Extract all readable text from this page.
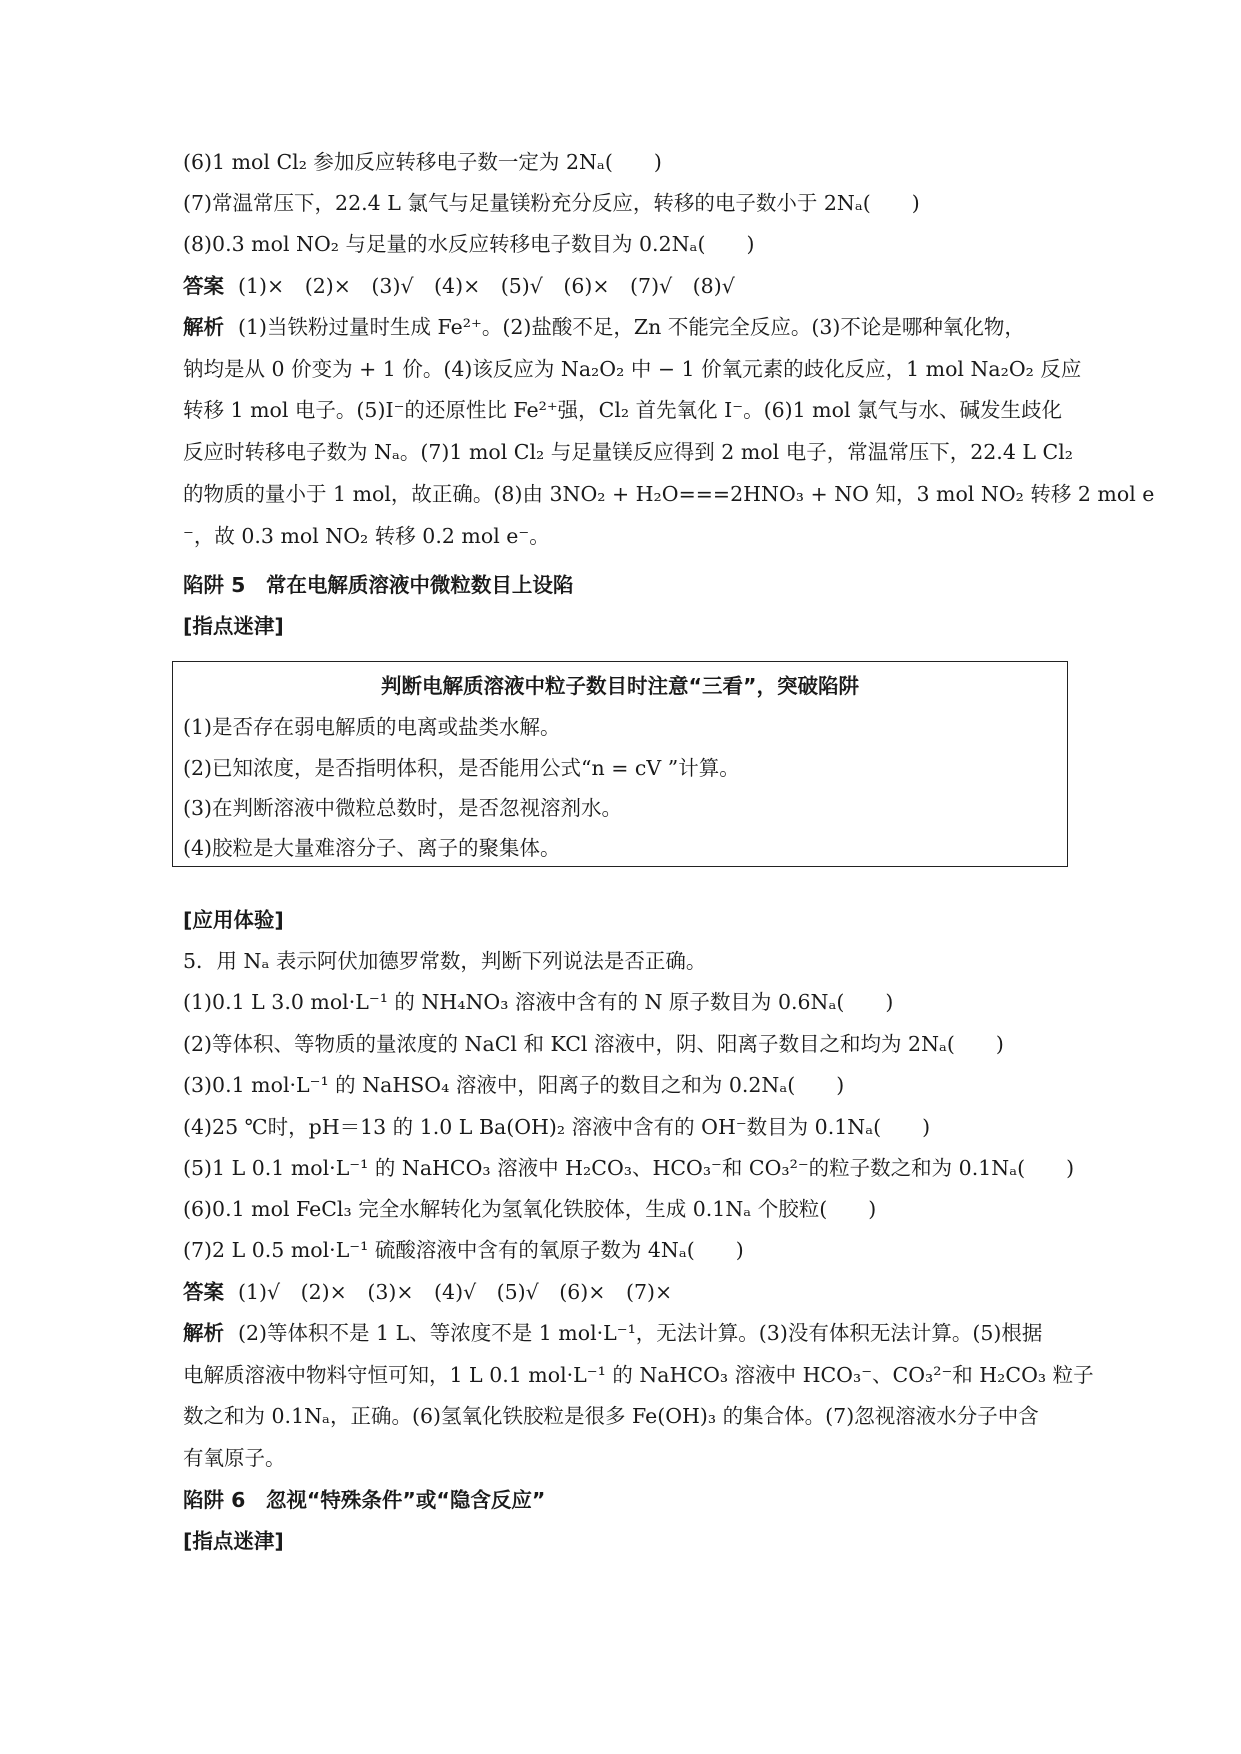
(6)1 mol Cl₂ 参加反应转移电子数一定为 2Nₐ(　　)
(7)常温常压下，22.4 L 氯气与足量镁粉充分反应，转移的电子数小于 2Nₐ(　　)
(8)0.3 mol NO₂ 与足量的水反应转移电子数目为 0.2Nₐ(　　)
答案 (1)×　(2)×　(3)√　(4)×　(5)√　(6)×　(7)√　(8)√
解析 (1)当铁粉过量时生成 Fe²⁺。(2)盐酸不足，Zn 不能完全反应。(3)不论是哪种氧化物，
钠均是从 0 价变为 + 1 价。(4)该反应为 Na₂O₂ 中 − 1 价氧元素的歧化反应，1 mol Na₂O₂ 反应
转移 1 mol 电子。(5)I⁻的还原性比 Fe²⁺强，Cl₂ 首先氧化 I⁻。(6)1 mol 氯气与水、碱发生歧化
反应时转移电子数为 Nₐ。(7)1 mol Cl₂ 与足量镁反应得到 2 mol 电子，常温常压下，22.4 L Cl₂
的物质的量小于 1 mol，故正确。(8)由 3NO₂ + H₂O===2HNO₃ + NO 知，3 mol NO₂ 转移 2 mol e
⁻，故 0.3 mol NO₂ 转移 0.2 mol e⁻。
陷阱 5　常在电解质溶液中微粒数目上设陷
[指点迷津]
判断电解质溶液中粒子数目时注意“三看”，突破陷阱
(1)是否存在弱电解质的电离或盐类水解。
(2)已知浓度，是否指明体积，是否能用公式“n = cV ”计算。
(3)在判断溶液中微粒总数时，是否忽视溶剂水。
(4)胶粒是大量难溶分子、离子的聚集体。
[应用体验]
5．用 Nₐ 表示阿伏加德罗常数，判断下列说法是否正确。
(1)0.1 L 3.0 mol·L⁻¹ 的 NH₄NO₃ 溶液中含有的 N 原子数目为 0.6Nₐ(　　)
(2)等体积、等物质的量浓度的 NaCl 和 KCl 溶液中，阴、阳离子数目之和均为 2Nₐ(　　)
(3)0.1 mol·L⁻¹ 的 NaHSO₄ 溶液中，阳离子的数目之和为 0.2Nₐ(　　)
(4)25 ℃时，pH＝13 的 1.0 L Ba(OH)₂ 溶液中含有的 OH⁻数目为 0.1Nₐ(　　)
(5)1 L 0.1 mol·L⁻¹ 的 NaHCO₃ 溶液中 H₂CO₃、HCO₃⁻和 CO₃²⁻的粒子数之和为 0.1Nₐ(　　)
(6)0.1 mol FeCl₃ 完全水解转化为氢氧化铁胶体，生成 0.1Nₐ 个胶粒(　　)
(7)2 L 0.5 mol·L⁻¹ 硫酸溶液中含有的氧原子数为 4Nₐ(　　)
答案 (1)√　(2)×　(3)×　(4)√　(5)√　(6)×　(7)×
解析 (2)等体积不是 1 L、等浓度不是 1 mol·L⁻¹，无法计算。(3)没有体积无法计算。(5)根据
电解质溶液中物料守恒可知，1 L 0.1 mol·L⁻¹ 的 NaHCO₃ 溶液中 HCO₃⁻、CO₃²⁻和 H₂CO₃ 粒子
数之和为 0.1Nₐ，正确。(6)氢氧化铁胶粒是很多 Fe(OH)₃ 的集合体。(7)忽视溶液水分子中含
有氧原子。
陷阱 6　忽视“特殊条件”或“隐含反应”
[指点迷津]
